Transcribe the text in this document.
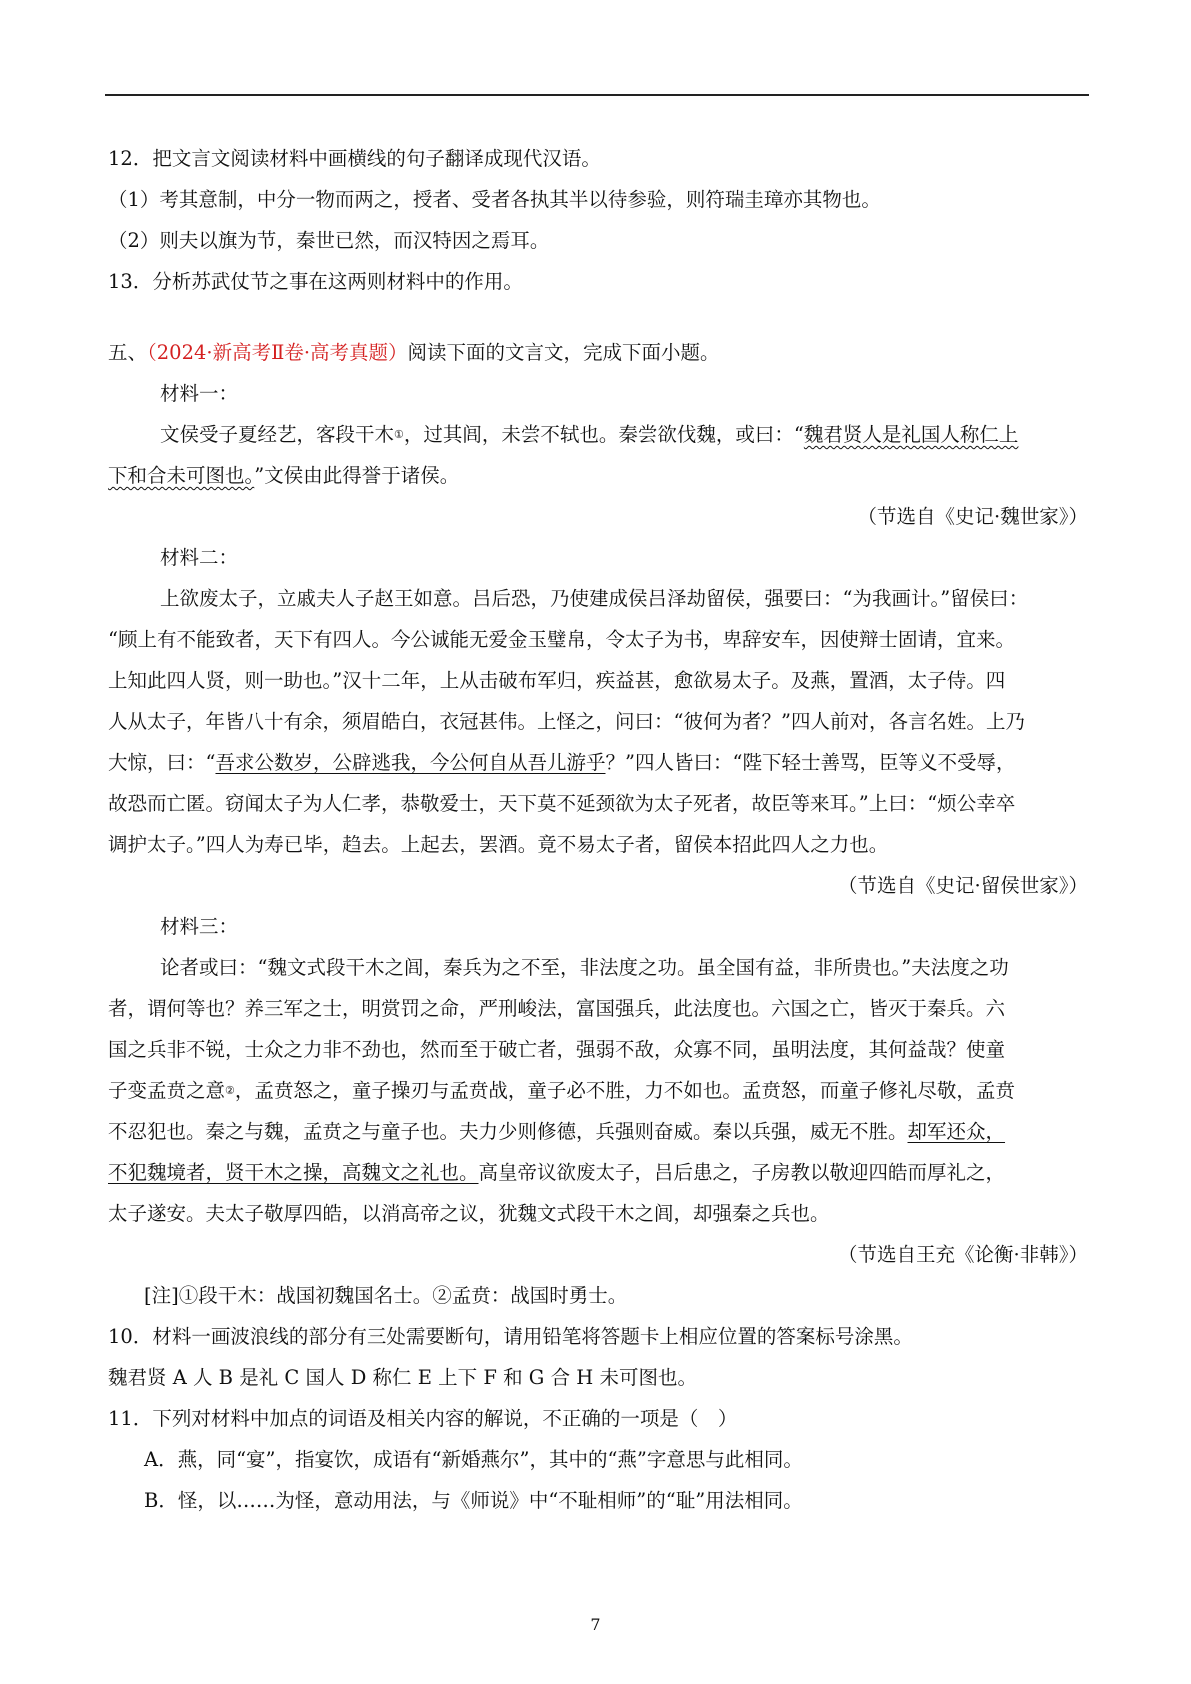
12．把文言文阅读材料中画横线的句子翻译成现代汉语。
（1）考其意制，中分一物而两之，授者、受者各执其半以待参验，则符瑞圭璋亦其物也。
（2）则夫以旗为节，秦世已然，而汉特因之焉耳。
13．分析苏武仗节之事在这两则材料中的作用。
五、（2024·新高考Ⅱ卷·高考真题）阅读下面的文言文，完成下面小题。
材料一：
文侯受子夏经艺，客段干木①，过其闾，未尝不轼也。秦尝欲伐魏，或曰：“魏君贤人是礼国人称仁上
下和合未可图也。”文侯由此得誉于诸侯。
（节选自《史记·魏世家》）
材料二：
上欲废太子，立戚夫人子赵王如意。吕后恐，乃使建成侯吕泽劫留侯，强要曰：“为我画计。”留侯曰：
“顾上有不能致者，天下有四人。今公诚能无爱金玉璧帛，令太子为书，卑辞安车，因使辩士固请，宜来。
上知此四人贤，则一助也。”汉十二年，上从击破布军归，疾益甚，愈欲易太子。及燕，置酒，太子侍。四
人从太子，年皆八十有余，须眉皓白，衣冠甚伟。上怪之，问曰：“彼何为者？”四人前对，各言名姓。上乃
大惊，曰：“吾求公数岁，公辟逃我，今公何自从吾儿游乎？”四人皆曰：“陛下轻士善骂，臣等义不受辱，
故恐而亡匿。窃闻太子为人仁孝，恭敬爱士，天下莫不延颈欲为太子死者，故臣等来耳。”上曰：“烦公幸卒
调护太子。”四人为寿已毕，趋去。上起去，罢酒。竟不易太子者，留侯本招此四人之力也。
（节选自《史记·留侯世家》）
材料三：
论者或曰：“魏文式段干木之闾，秦兵为之不至，非法度之功。虽全国有益，非所贵也。”夫法度之功
者，谓何等也？养三军之士，明赏罚之命，严刑峻法，富国强兵，此法度也。六国之亡，皆灭于秦兵。六
国之兵非不锐，士众之力非不劲也，然而至于破亡者，强弱不敌，众寡不同，虽明法度，其何益哉？使童
子变孟贲之意②，孟贲怒之，童子操刃与孟贲战，童子必不胜，力不如也。孟贲怒，而童子修礼尽敬，孟贲
不忍犯也。秦之与魏，孟贲之与童子也。夫力少则修德，兵强则奋威。秦以兵强，威无不胜。却军还众，
不犯魏境者，贤干木之操，高魏文之礼也。高皇帝议欲废太子，吕后患之，子房教以敬迎四皓而厚礼之，
太子遂安。夫太子敬厚四皓，以消高帝之议，犹魏文式段干木之闾，却强秦之兵也。
（节选自王充《论衡·非韩》）
[注]①段干木：战国初魏国名士。②孟贲：战国时勇士。
10．材料一画波浪线的部分有三处需要断句，请用铅笔将答题卡上相应位置的答案标号涂黑。
魏君贤 A 人 B 是礼 C 国人 D 称仁 E 上下 F 和 G 合 H 未可图也。
11．下列对材料中加点的词语及相关内容的解说，不正确的一项是（　）
A．燕，同“宴”，指宴饮，成语有“新婚燕尔”，其中的“燕”字意思与此相同。
B．怪，以……为怪，意动用法，与《师说》中“不耻相师”的“耻”用法相同。
7
